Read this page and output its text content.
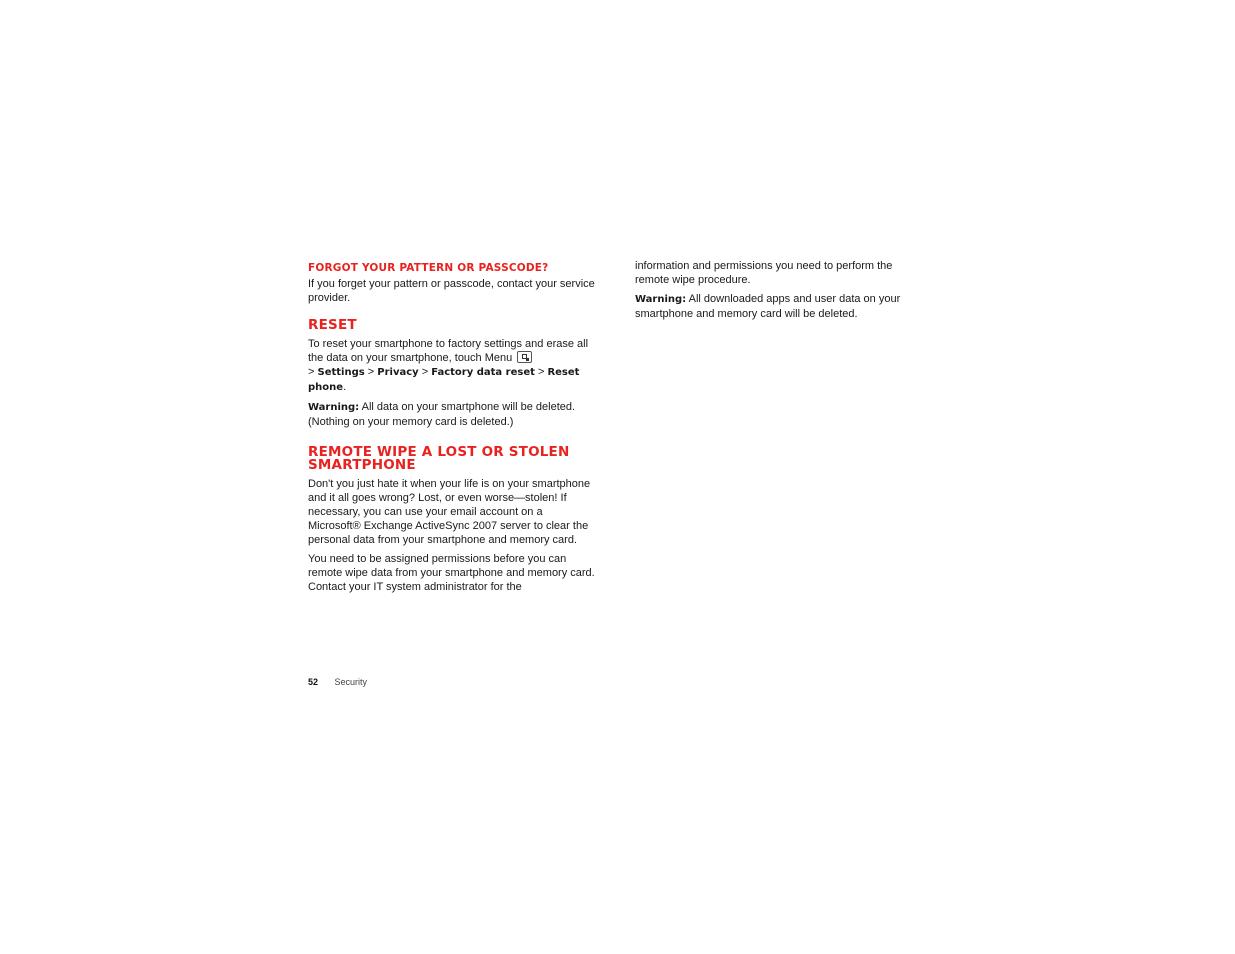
FORGOT YOUR PATTERN OR PASSCODE?

If you forget your pattern or passcode, contact your service provider.

RESET

To reset your smartphone to factory settings and erase all the data on your smartphone, touch Menu
> Settings > Privacy > Factory data reset > Reset phone.

Warning: All data on your smartphone will be deleted. (Nothing on your memory card is deleted.)

REMOTE WIPE A LOST OR STOLEN SMARTPHONE

Don't you just hate it when your life is on your smartphone and it all goes wrong? Lost, or even worse—stolen! If necessary, you can use your email account on a Microsoft® Exchange ActiveSync 2007 server to clear the personal data from your smartphone and memory card.

You need to be assigned permissions before you can remote wipe data from your smartphone and memory card. Contact your IT system administrator for the

information and permissions you need to perform the remote wipe procedure.

Warning: All downloaded apps and user data on your smartphone and memory card will be deleted.

52 Security
